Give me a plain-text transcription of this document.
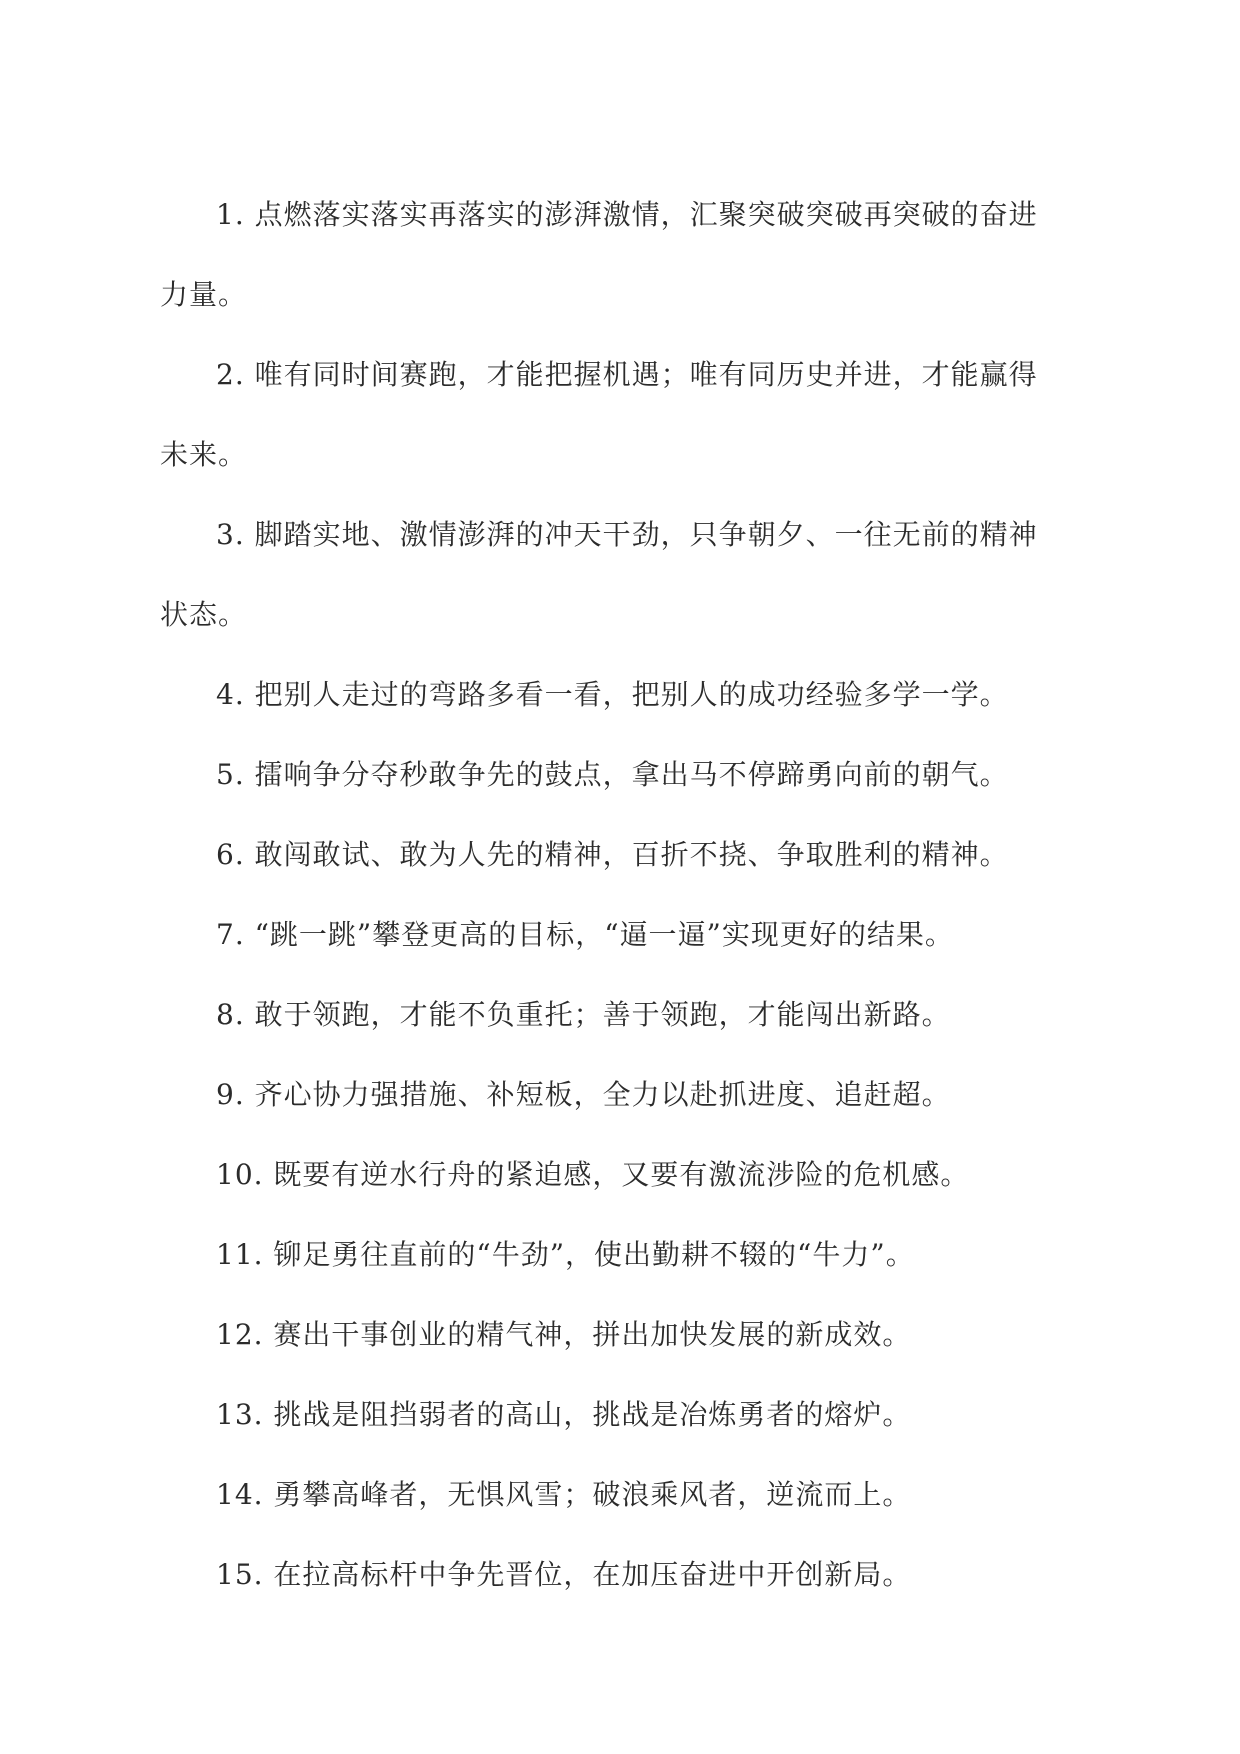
1. 点燃落实落实再落实的澎湃激情，汇聚突破突破再突破的奋进力量。

2. 唯有同时间赛跑，才能把握机遇；唯有同历史并进，才能赢得未来。

3. 脚踏实地、激情澎湃的冲天干劲，只争朝夕、一往无前的精神状态。

4. 把别人走过的弯路多看一看，把别人的成功经验多学一学。

5. 擂响争分夺秒敢争先的鼓点，拿出马不停蹄勇向前的朝气。

6. 敢闯敢试、敢为人先的精神，百折不挠、争取胜利的精神。

7. “跳一跳”攀登更高的目标，“逼一逼”实现更好的结果。

8. 敢于领跑，才能不负重托；善于领跑，才能闯出新路。

9. 齐心协力强措施、补短板，全力以赴抓进度、追赶超。

10. 既要有逆水行舟的紧迫感，又要有激流涉险的危机感。

11. 铆足勇往直前的“牛劲”，使出勤耕不辍的“牛力”。

12. 赛出干事创业的精气神，拼出加快发展的新成效。

13. 挑战是阻挡弱者的高山，挑战是冶炼勇者的熔炉。

14. 勇攀高峰者，无惧风雪；破浪乘风者，逆流而上。

15. 在拉高标杆中争先晋位，在加压奋进中开创新局。
